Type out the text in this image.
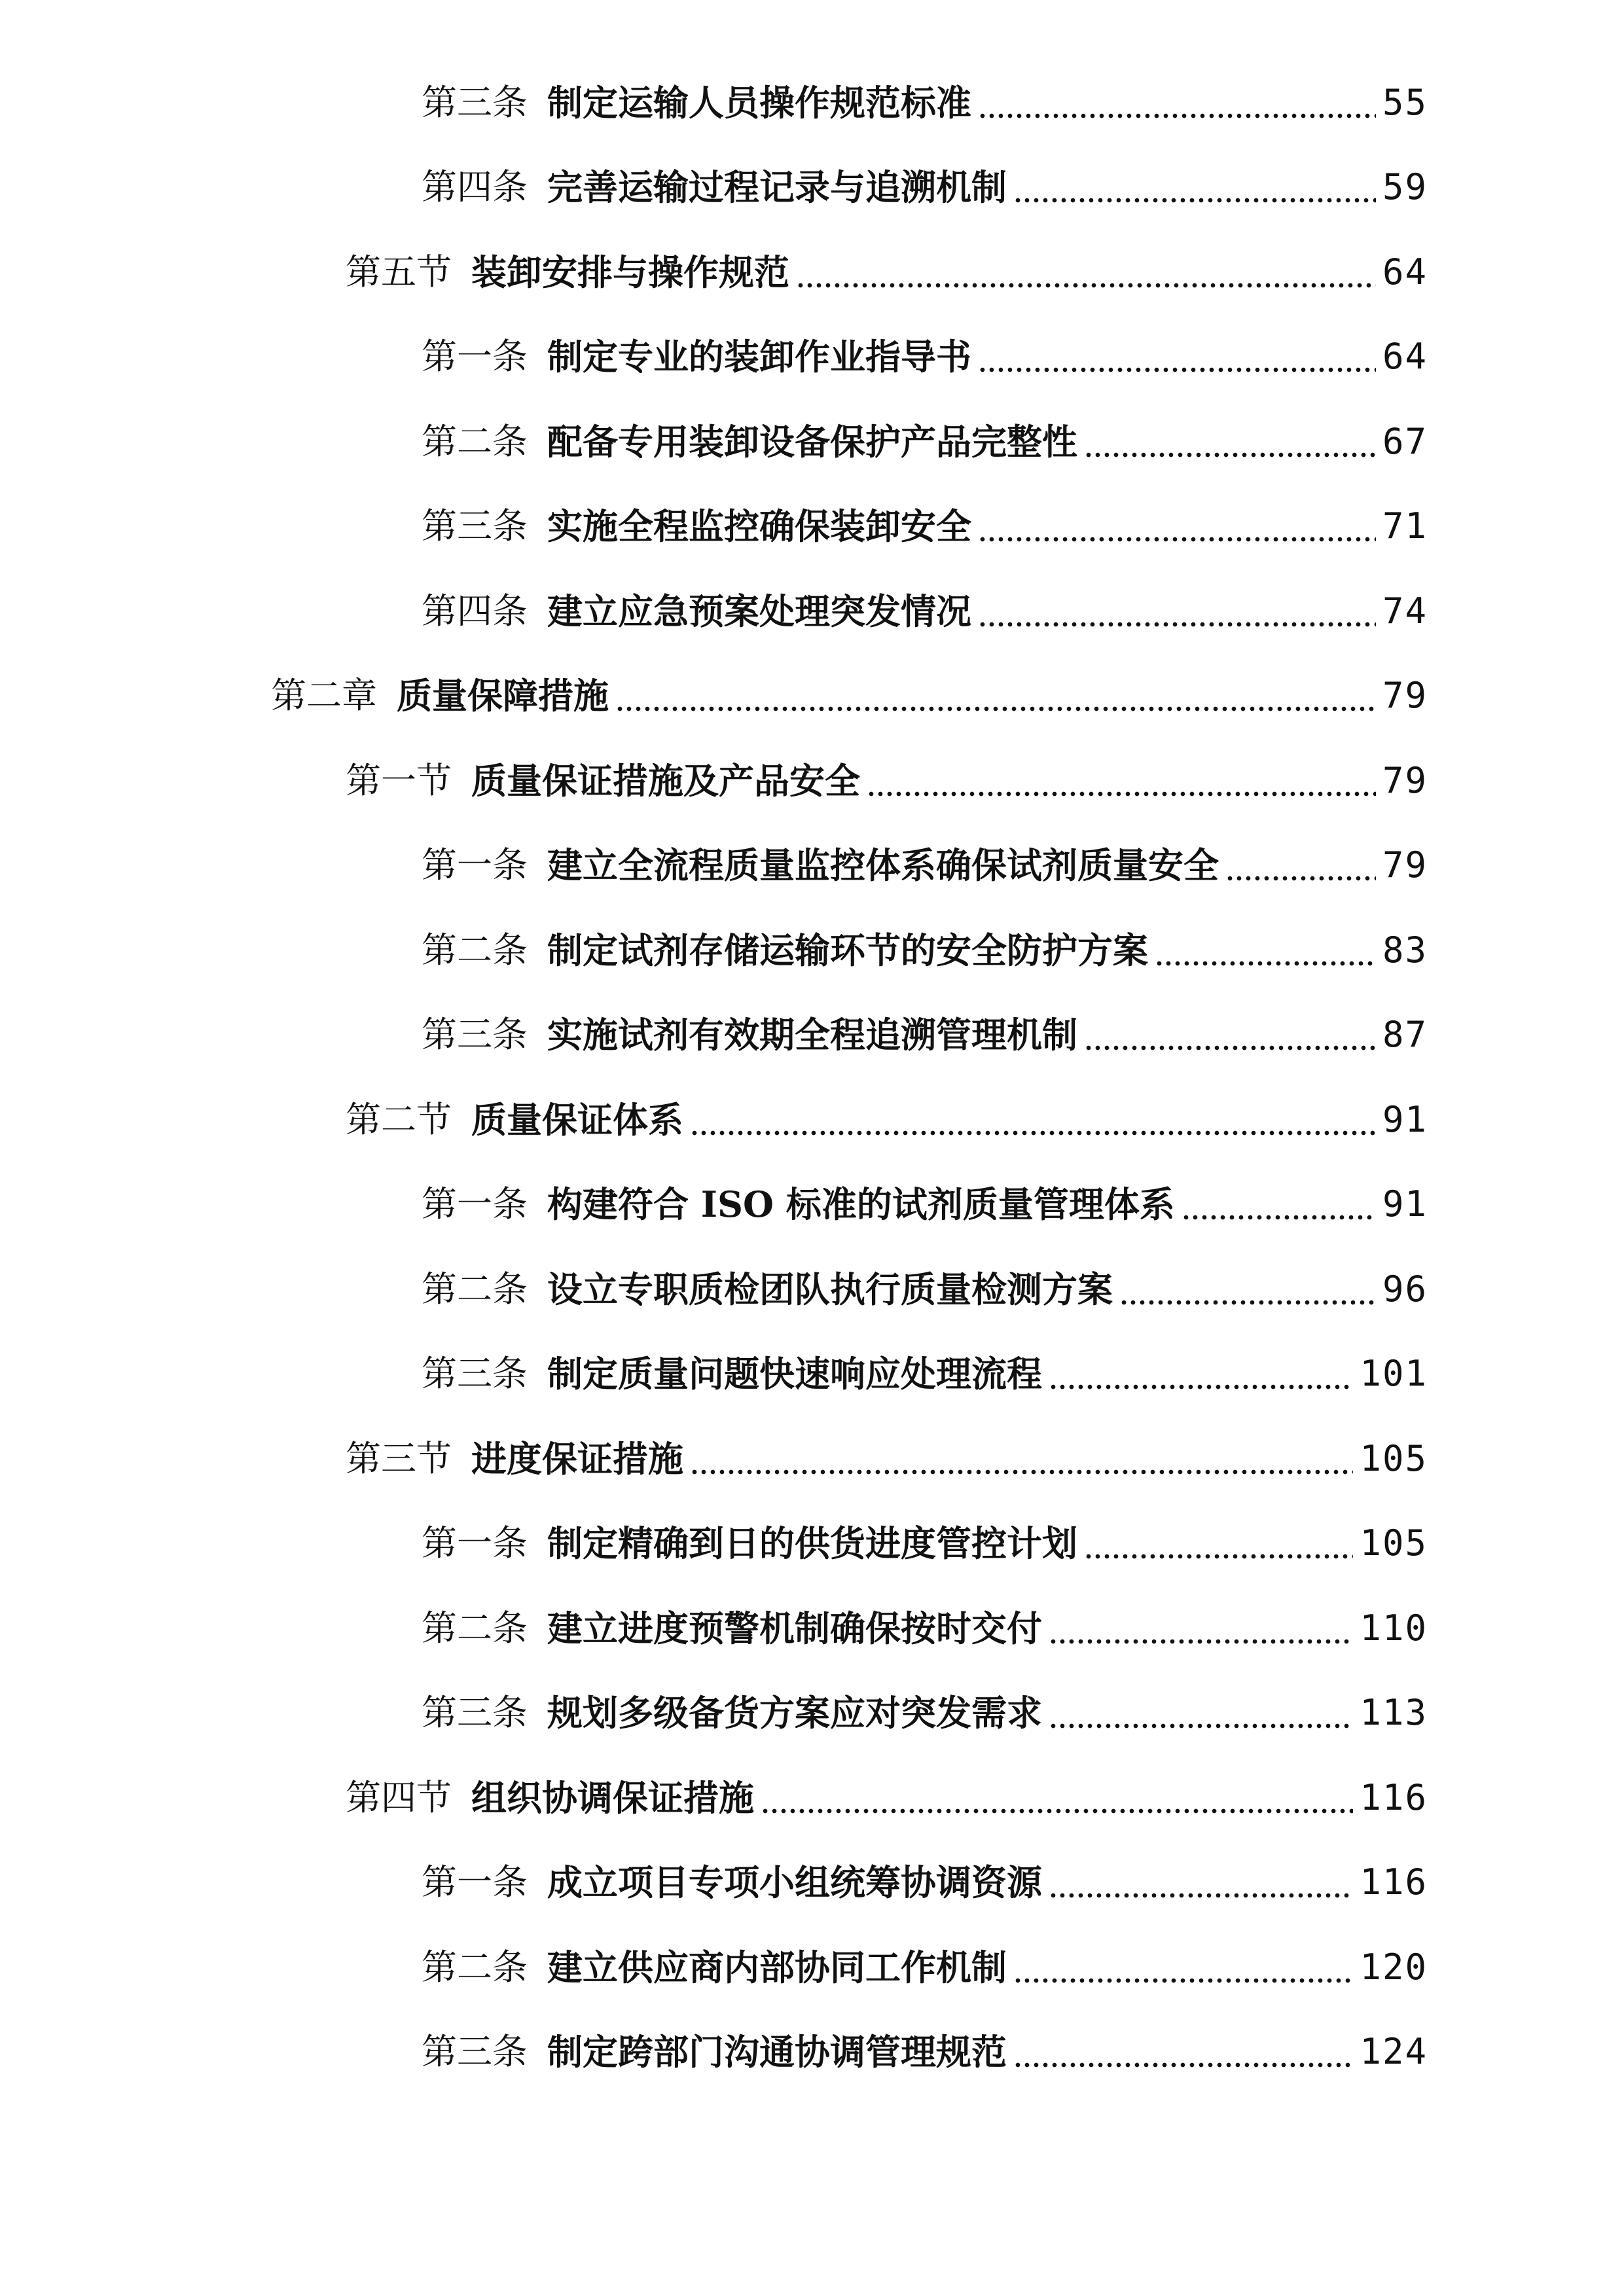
第三条 制定运输人员操作规范标准	55
第四条 完善运输过程记录与追溯机制	59
第五节 装卸安排与操作规范	64
第一条 制定专业的装卸作业指导书	64
第二条 配备专用装卸设备保护产品完整性	67
第三条 实施全程监控确保装卸安全	71
第四条 建立应急预案处理突发情况	74
第二章 质量保障措施	79
第一节 质量保证措施及产品安全	79
第一条 建立全流程质量监控体系确保试剂质量安全	79
第二条 制定试剂存储运输环节的安全防护方案	83
第三条 实施试剂有效期全程追溯管理机制	87
第二节 质量保证体系	91
第一条 构建符合 ISO 标准的试剂质量管理体系	91
第二条 设立专职质检团队执行质量检测方案	96
第三条 制定质量问题快速响应处理流程	101
第三节 进度保证措施	105
第一条 制定精确到日的供货进度管控计划	105
第二条 建立进度预警机制确保按时交付	110
第三条 规划多级备货方案应对突发需求	113
第四节 组织协调保证措施	116
第一条 成立项目专项小组统筹协调资源	116
第二条 建立供应商内部协同工作机制	120
第三条 制定跨部门沟通协调管理规范	124
